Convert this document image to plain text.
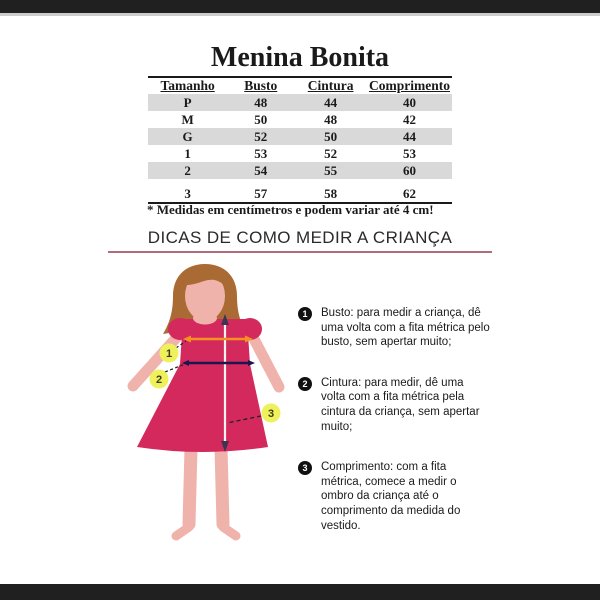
Menina Bonita
Tamanho	Busto	Cintura	Comprimento
P	48	44	40
M	50	48	42
G	52	50	44
1	53	52	53
2	54	55	60
3	57	58	62
* Medidas em centímetros e podem variar até 4 cm!
DICAS DE COMO MEDIR A CRIANÇA
1
2
3
1	Busto: para medir a criança, dê uma volta com a fita métrica pelo busto, sem apertar muito;
2	Cintura: para medir, dê uma volta com a fita métrica pela cintura da criança, sem apertar muito;
3	Comprimento: com a fita métrica, comece a medir o ombro da criança até o comprimento da medida do vestido.
